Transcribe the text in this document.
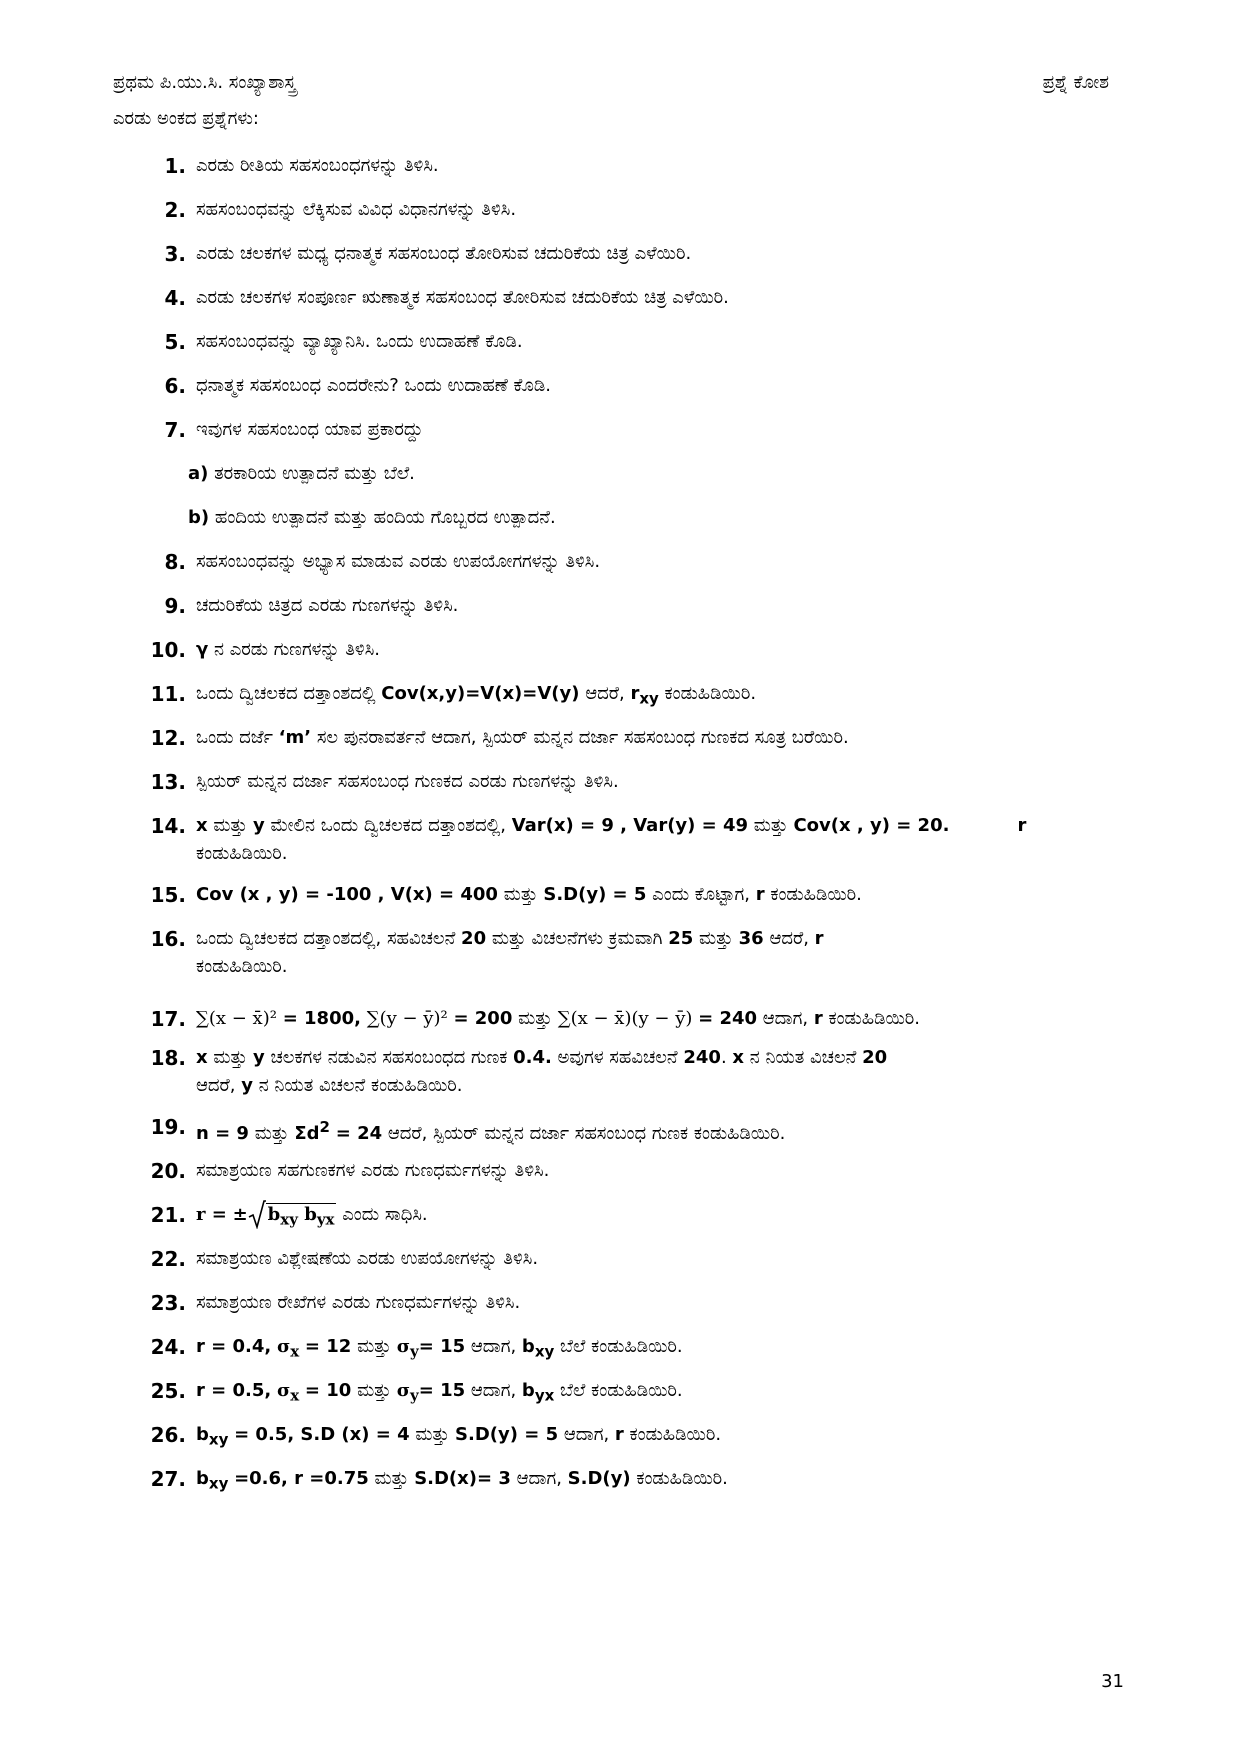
ಪ್ರಥಮ ಪಿ.ಯು.ಸಿ. ಸಂಖ್ಯಾಶಾಸ್ತ್ರ	ಪ್ರಶ್ನೆ ಕೋಶ
ಎರಡು ಅಂಕದ ಪ್ರಶ್ನೆಗಳು:
1. ಎರಡು ರೀತಿಯ ಸಹಸಂಬಂಧಗಳನ್ನು ತಿಳಿಸಿ.
2. ಸಹಸಂಬಂಧವನ್ನು ಲೆಕ್ಕಿಸುವ ವಿವಿಧ ವಿಧಾನಗಳನ್ನು ತಿಳಿಸಿ.
3. ಎರಡು ಚಲಕಗಳ ಮಧ್ಯ ಧನಾತ್ಮಕ ಸಹಸಂಬಂಧ ತೋರಿಸುವ ಚದುರಿಕೆಯ ಚಿತ್ರ ಎಳೆಯಿರಿ.
4. ಎರಡು ಚಲಕಗಳ ಸಂಪೂರ್ಣ ಋಣಾತ್ಮಕ ಸಹಸಂಬಂಧ ತೋರಿಸುವ ಚದುರಿಕೆಯ ಚಿತ್ರ ಎಳೆಯಿರಿ.
5. ಸಹಸಂಬಂಧವನ್ನು ವ್ಯಾಖ್ಯಾನಿಸಿ. ಒಂದು ಉದಾಹಣೆ ಕೊಡಿ.
6. ಧನಾತ್ಮಕ ಸಹಸಂಬಂಧ ಎಂದರೇನು? ಒಂದು ಉದಾಹಣೆ ಕೊಡಿ.
7. ಇವುಗಳ ಸಹಸಂಬಂಧ ಯಾವ ಪ್ರಕಾರದ್ದು
a) ತರಕಾರಿಯ ಉತ್ಪಾದನೆ ಮತ್ತು ಬೆಲೆ.
b) ಹಂದಿಯ ಉತ್ಪಾದನೆ ಮತ್ತು ಹಂದಿಯ ಗೊಬ್ಬರದ ಉತ್ಪಾದನೆ.
8. ಸಹಸಂಬಂಧವನ್ನು ಅಭ್ಯಾಸ ಮಾಡುವ ಎರಡು ಉಪಯೋಗಗಳನ್ನು ತಿಳಿಸಿ.
9. ಚದುರಿಕೆಯ ಚಿತ್ರದ ಎರಡು ಗುಣಗಳನ್ನು ತಿಳಿಸಿ.
10. γ ನ ಎರಡು ಗುಣಗಳನ್ನು ತಿಳಿಸಿ.
11. ಒಂದು ದ್ವಿಚಲಕದ ದತ್ತಾಂಶದಲ್ಲಿ Cov(x,y)=V(x)=V(y) ಆದರೆ, $r_{xy}$ ಕಂಡುಹಿಡಿಯಿರಿ.
12. ಒಂದು ದರ್ಜೆ ‘m’ ಸಲ ಪುನರಾವರ್ತನೆ ಆದಾಗ, ಸ್ಪಿಯರ್ ಮನ್ನನ ದರ್ಜಾ ಸಹಸಂಬಂಧ ಗುಣಕದ ಸೂತ್ರ ಬರೆಯಿರಿ.
13. ಸ್ಪಿಯರ್ ಮನ್ನನ ದರ್ಜಾ ಸಹಸಂಬಂಧ ಗುಣಕದ ಎರಡು ಗುಣಗಳನ್ನು ತಿಳಿಸಿ.
14. x ಮತ್ತು y ಮೇಲಿನ ಒಂದು ದ್ವಿಚಲಕದ ದತ್ತಾಂಶದಲ್ಲಿ, Var(x) = 9 , Var(y) = 49 ಮತ್ತು Cov(x , y) = 20.	r
ಕಂಡುಹಿಡಿಯಿರಿ.
15. Cov (x , y) = -100 , V(x) = 400 ಮತ್ತು S.D(y) = 5 ಎಂದು ಕೊಟ್ಟಾಗ, r ಕಂಡುಹಿಡಿಯಿರಿ.
16. ಒಂದು ದ್ವಿಚಲಕದ ದತ್ತಾಂಶದಲ್ಲಿ, ಸಹವಿಚಲನೆ 20 ಮತ್ತು ವಿಚಲನೆಗಳು ಕ್ರಮವಾಗಿ 25 ಮತ್ತು 36 ಆದರೆ, r
ಕಂಡುಹಿಡಿಯಿರಿ.
17. ∑(x − x̄)² = 1800, ∑(y − ȳ)² = 200 ಮತ್ತು ∑(x − x̄)(y − ȳ) = 240 ಆದಾಗ, r ಕಂಡುಹಿಡಿಯಿರಿ.
18. x ಮತ್ತು y ಚಲಕಗಳ ನಡುವಿನ ಸಹಸಂಬಂಧದ ಗುಣಕ 0.4. ಅವುಗಳ ಸಹವಿಚಲನೆ 240. x ನ ನಿಯತ ವಿಚಲನೆ 20
ಆದರೆ, y ನ ನಿಯತ ವಿಚಲನೆ ಕಂಡುಹಿಡಿಯಿರಿ.
19. n = 9 ಮತ್ತು $\Sigma d^2 = 24$ ಆದರೆ, ಸ್ಪಿಯರ್ ಮನ್ನನ ದರ್ಜಾ ಸಹಸಂಬಂಧ ಗುಣಕ ಕಂಡುಹಿಡಿಯಿರಿ.
20. ಸಮಾಶ್ರಯಣ ಸಹಗುಣಕಗಳ ಎರಡು ಗುಣಧರ್ಮಗಳನ್ನು ತಿಳಿಸಿ.
21. r = ± $b_{xy}$ $b_{yx}$ ಎಂದು ಸಾಧಿಸಿ.
22. ಸಮಾಶ್ರಯಣ ವಿಶ್ಲೇಷಣೆಯ ಎರಡು ಉಪಯೋಗಳನ್ನು ತಿಳಿಸಿ.
23. ಸಮಾಶ್ರಯಣ ರೇಖೆಗಳ ಎರಡು ಗುಣಧರ್ಮಗಳನ್ನು ತಿಳಿಸಿ.
24. r = 0.4, $\sigma_x = 12$ ಮತ್ತು $\sigma_y= 15$ ಆದಾಗ, $b_{xy}$ ಬೆಲೆ ಕಂಡುಹಿಡಿಯಿರಿ.
25. r = 0.5, $\sigma_x = 10$ ಮತ್ತು $\sigma_y= 15$ ಆದಾಗ, $b_{yx}$ ಬೆಲೆ ಕಂಡುಹಿಡಿಯಿರಿ.
26. $b_{xy} = 0.5$, S.D (x) = 4 ಮತ್ತು S.D(y) = 5 ಆದಾಗ, r ಕಂಡುಹಿಡಿಯಿರಿ.
27. $b_{xy} =0.6$, r =0.75 ಮತ್ತು S.D(x)= 3 ಆದಾಗ, S.D(y) ಕಂಡುಹಿಡಿಯಿರಿ.
31
